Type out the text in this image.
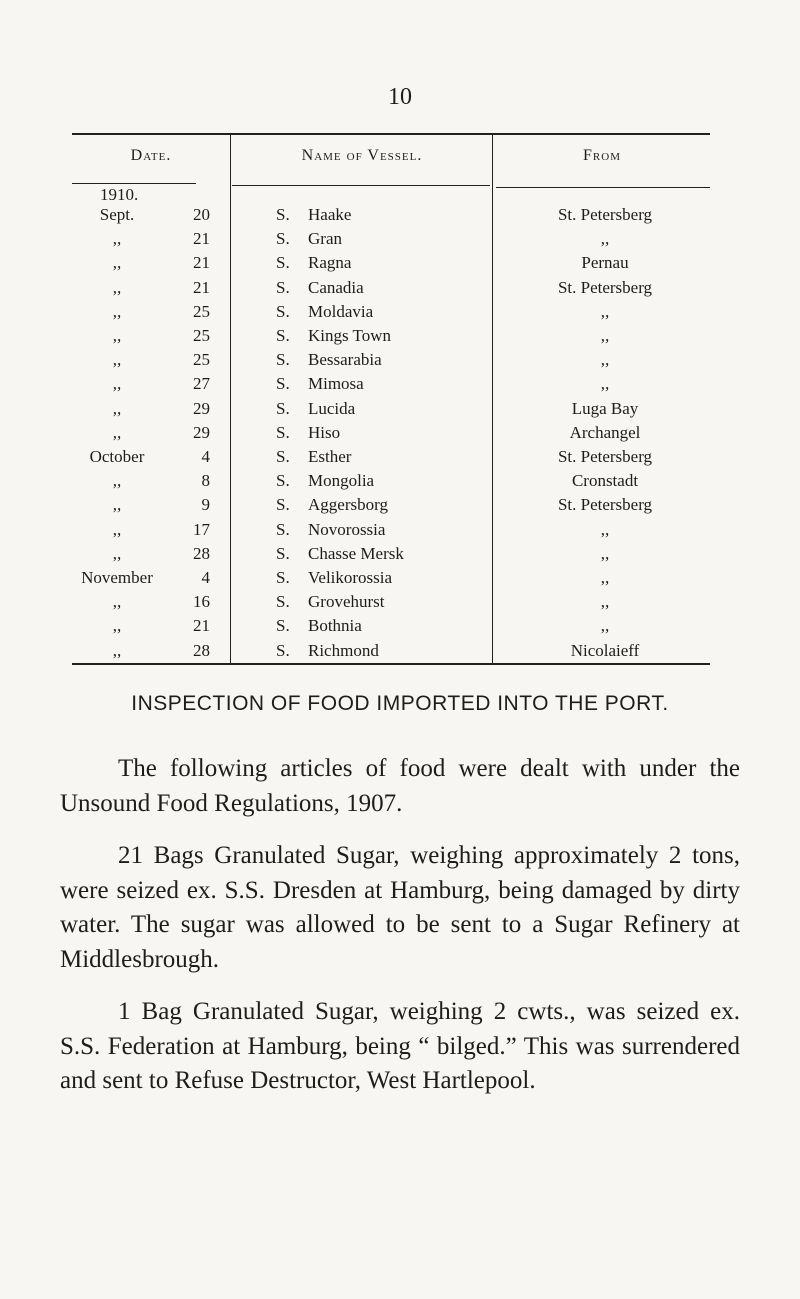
10
Date.	Name of Vessel.	From
1910.
Sept.	20	S. Haake	St. Petersberg
,,	21	S. Gran	,,
,,	21	S. Ragna	Pernau
,,	21	S. Canadia	St. Petersberg
,,	25	S. Moldavia	,,
,,	25	S. Kings Town	,,
,,	25	S. Bessarabia	,,
,,	27	S. Mimosa	,,
,,	29	S. Lucida	Luga Bay
,,	29	S. Hiso	Archangel
October	4	S. Esther	St. Petersberg
,,	8	S. Mongolia	Cronstadt
,,	9	S. Aggersborg	St. Petersberg
,,	17	S. Novorossia	,,
,,	28	S. Chasse Mersk	,,
November	4	S. Velikorossia	,,
,,	16	S. Grovehurst	,,
,,	21	S. Bothnia	,,
,,	28	S. Richmond	Nicolaieff
INSPECTION OF FOOD IMPORTED INTO THE PORT.

The following articles of food were dealt with under the Unsound Food Regulations, 1907.

21 Bags Granulated Sugar, weighing approximately 2 tons, were seized ex. S.S. Dresden at Hamburg, being damaged by dirty water. The sugar was allowed to be sent to a Sugar Refinery at Middlesbrough.

1 Bag Granulated Sugar, weighing 2 cwts., was seized ex. S.S. Federation at Hamburg, being “ bilged.” This was surrendered and sent to Refuse Destructor, West Hartlepool.
